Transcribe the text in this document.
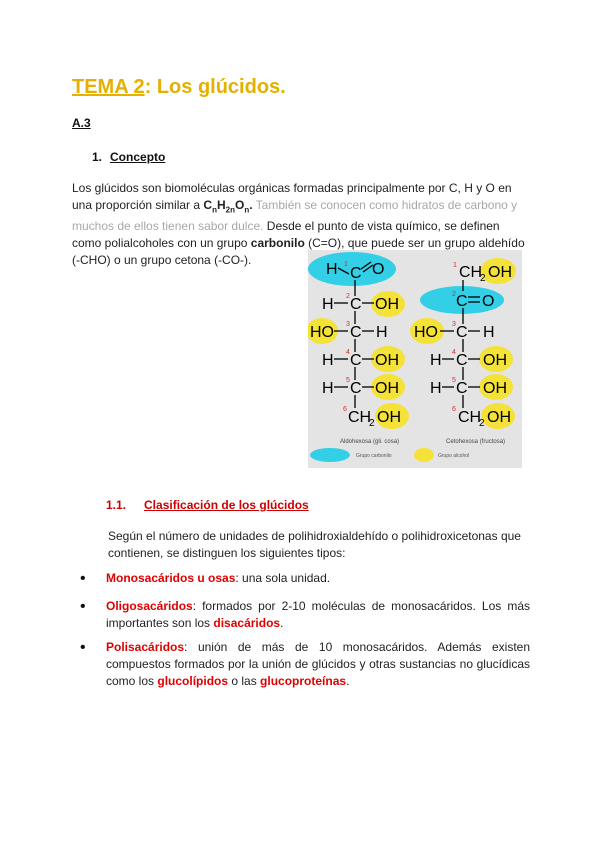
TEMA 2: Los glúcidos.
A.3
1. Concepto
Los glúcidos son biomoléculas orgánicas formadas principalmente por C, H y O en una proporción similar a $C_nH_{2n}O_n$. También se conocen como hidratos de carbono y muchos de ellos tienen sabor dulce. Desde el punto de vista químico, se definen como polialcoholes con un grupo carbonilo (C=O), que puede ser un grupo aldehído (-CHO) o un grupo cetona (-CO-).
H C O
H C OH
HO C H
H C OH
H C OH
CH
2 OH
CH
2 OH
C O
HO C H
H C OH
H C OH
CH
2 OH
1
2
3
4
5
6
1
2
3
4
5
6
Aldohexosa (gli. cosa)	Cetohexosa (fructosa)
Grupo carbonilo	Grupo alcohol
1.1. Clasificación de los glúcidos
Según el número de unidades de polihidroxialdehído o polihidroxicetonas que contienen, se distinguen los siguientes tipos:
• Monosacáridos u osas: una sola unidad.
• Oligosacáridos: formados por 2-10 moléculas de monosacáridos. Los más importantes son los disacáridos.
• Polisacáridos: unión de más de 10 monosacáridos. Además existen compuestos formados por la unión de glúcidos y otras sustancias no glucídicas como los glucolípidos o las glucoproteínas.
